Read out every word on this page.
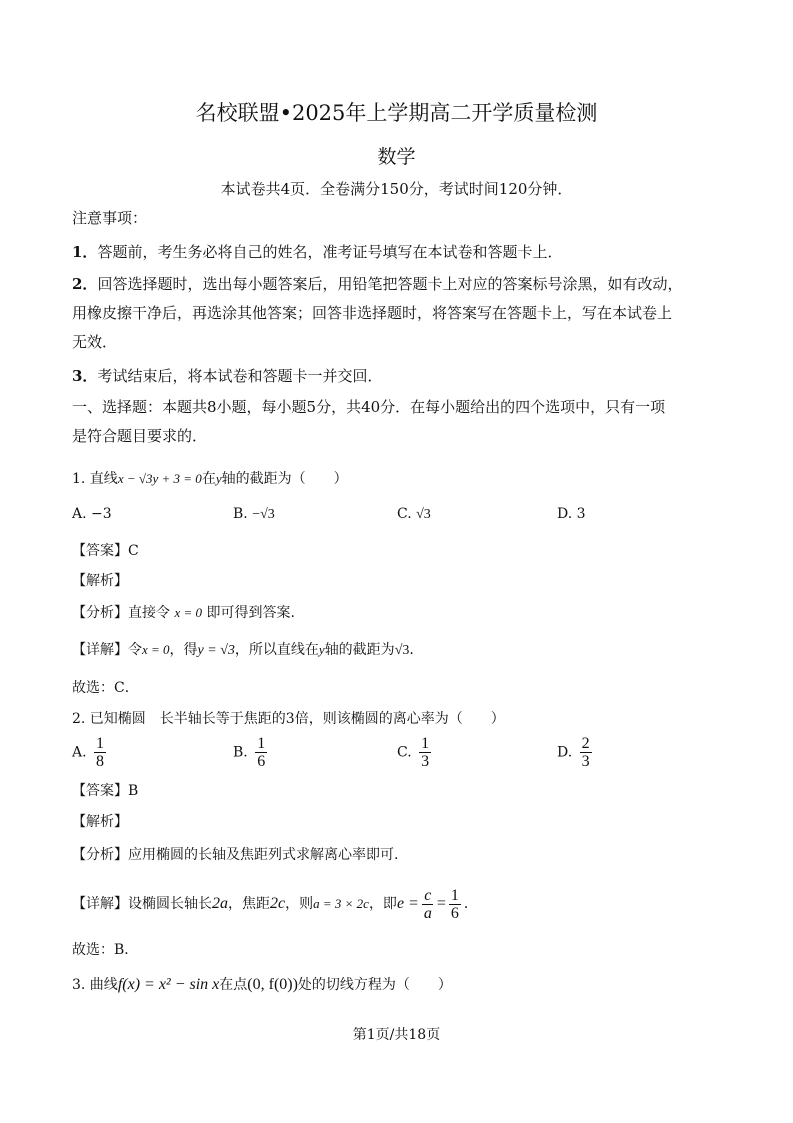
名校联盟•2025年上学期高二开学质量检测
数学
本试卷共4页．全卷满分150分，考试时间120分钟．
注意事项：
1．答题前，考生务必将自己的姓名，准考证号填写在本试卷和答题卡上．
2．回答选择题时，选出每小题答案后，用铅笔把答题卡上对应的答案标号涂黑，如有改动，
用橡皮擦干净后，再选涂其他答案；回答非选择题时，将答案写在答题卡上，写在本试卷上
无效．
3．考试结束后，将本试卷和答题卡一并交回．
一、选择题：本题共8小题，每小题5分，共40分．在每小题给出的四个选项中，只有一项
是符合题目要求的．
1. 直线x − √3y + 3 = 0在y轴的截距为（　　）
A. −3	B. −√3	C. √3	D. 3
【答案】C
【解析】
【分析】直接令 x = 0 即可得到答案.
【详解】令x = 0，得y = √3，所以直线在y轴的截距为√3．
故选：C．
2. 已知椭圆　长半轴长等于焦距的3倍，则该椭圆的离心率为（　　）
A. $\frac{1}{8}$	B. $\frac{1}{6}$	C. $\frac{1}{3}$	D. $\frac{2}{3}$
【答案】B
【解析】
【分析】应用椭圆的长轴及焦距列式求解离心率即可.
【详解】 设椭圆长轴长 2a ，焦距 2c ，则 a = 3 × 2c ，即 $e = \frac{c}{a} = \frac{1}{6}$ ．
故选：B．
3. 曲线f(x) = x² − sin x在点(0, f(0))处的切线方程为（　　）
第1页/共18页
